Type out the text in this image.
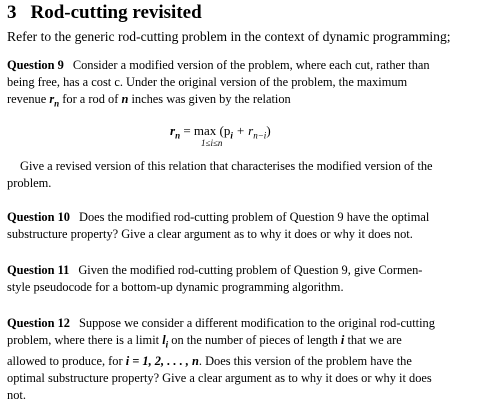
3 Rod-cutting revisited
Refer to the generic rod-cutting problem in the context of dynamic programming;
Question 9 Consider a modified version of the problem, where each cut, rather than
being free, has a cost c. Under the original version of the problem, the maximum
revenue $r_n$ for a rod of n inches was given by the relation
$r_n = \max (p_i + r_{n-i})$
1≤i≤n
Give a revised version of this relation that characterises the modified version of the
problem.
Question 10 Does the modified rod-cutting problem of Question 9 have the optimal
substructure property? Give a clear argument as to why it does or why it does not.
Question 11 Given the modified rod-cutting problem of Question 9, give Cormen-
style pseudocode for a bottom-up dynamic programming algorithm.
Question 12 Suppose we consider a different modification to the original rod-cutting
problem, where there is a limit $l_i$ on the number of pieces of length i that we are
allowed to produce, for i = 1, 2, . . . , n. Does this version of the problem have the
optimal substructure property? Give a clear argument as to why it does or why it does
not.
